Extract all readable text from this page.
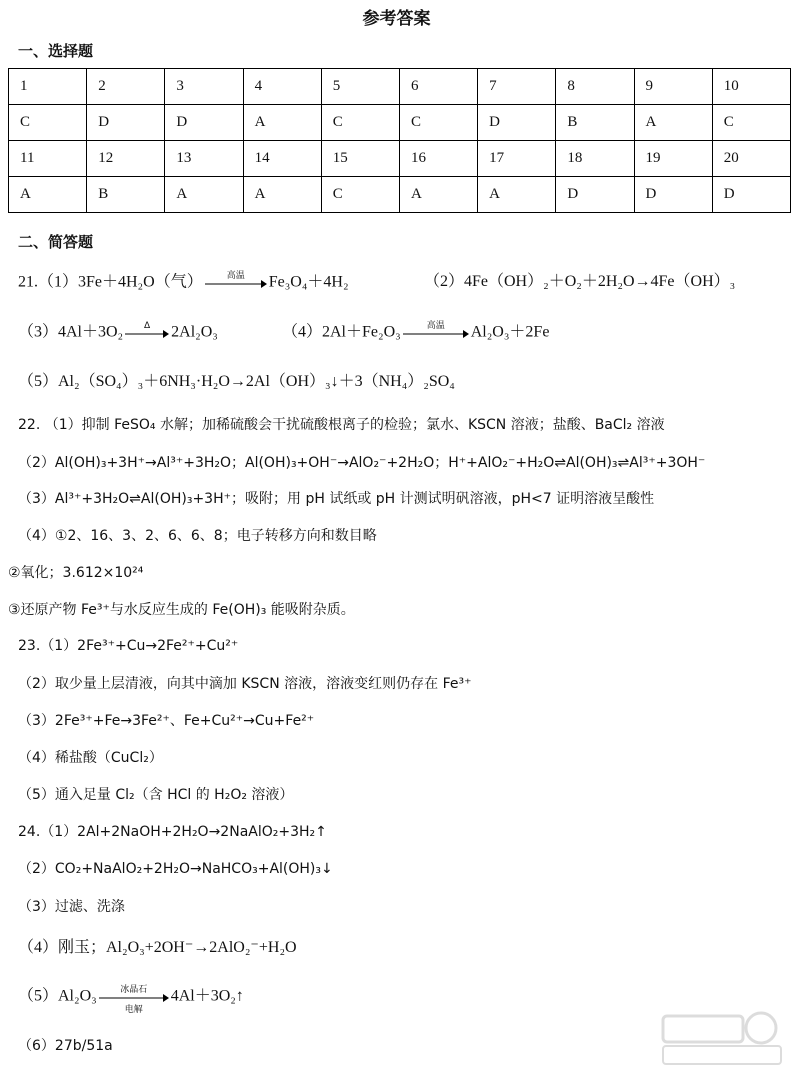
参考答案
一、选择题
1	2	3	4	5	6	7	8	9	10
C	D	D	A	C	C	D	B	A	C
11	12	13	14	15	16	17	18	19	20
A	B	A	A	C	A	A	D	D	D
二、简答题
21.（1）3Fe＋4H₂O（气）	高温	Fe₃O₄＋4H₂	（2）4Fe（OH）₂＋O₂＋2H₂O→4Fe（OH）₃
（3）4Al＋3O₂	Δ	2Al₂O₃	（4）2Al＋Fe₂O₃	高温	Al₂O₃＋2Fe
（5）Al₂（SO₄）₃＋6NH₃·H₂O→2Al（OH）₃↓＋3（NH₄）₂SO₄
22. （1）抑制 FeSO₄ 水解；加稀硫酸会干扰硫酸根离子的检验；氯水、KSCN 溶液；盐酸、BaCl₂ 溶液
（2）Al(OH)₃+3H⁺→Al³⁺+3H₂O；Al(OH)₃+OH⁻→AlO₂⁻+2H₂O；H⁺+AlO₂⁻+H₂O⇌Al(OH)₃⇌Al³⁺+3OH⁻
（3）Al³⁺+3H₂O⇌Al(OH)₃+3H⁺；吸附；用 pH 试纸或 pH 计测试明矾溶液，pH<7 证明溶液呈酸性
（4）①2、16、3、2、6、6、8；电子转移方向和数目略
②氧化；3.612×10²⁴
③还原产物 Fe³⁺与水反应生成的 Fe(OH)₃ 能吸附杂质。
23.（1）2Fe³⁺+Cu→2Fe²⁺+Cu²⁺
（2）取少量上层清液，向其中滴加 KSCN 溶液，溶液变红则仍存在 Fe³⁺
（3）2Fe³⁺+Fe→3Fe²⁺、Fe+Cu²⁺→Cu+Fe²⁺
（4）稀盐酸（CuCl₂）
（5）通入足量 Cl₂（含 HCl 的 H₂O₂ 溶液）
24.（1）2Al+2NaOH+2H₂O→2NaAlO₂+3H₂↑
（2）CO₂+NaAlO₂+2H₂O→NaHCO₃+Al(OH)₃↓
（3）过滤、洗涤
（4）刚玉；Al₂O₃+2OH⁻→2AlO₂⁻+H₂O
（5）Al₂O₃	冰晶石
电解
4Al＋3O₂↑
（6）27b/51a
